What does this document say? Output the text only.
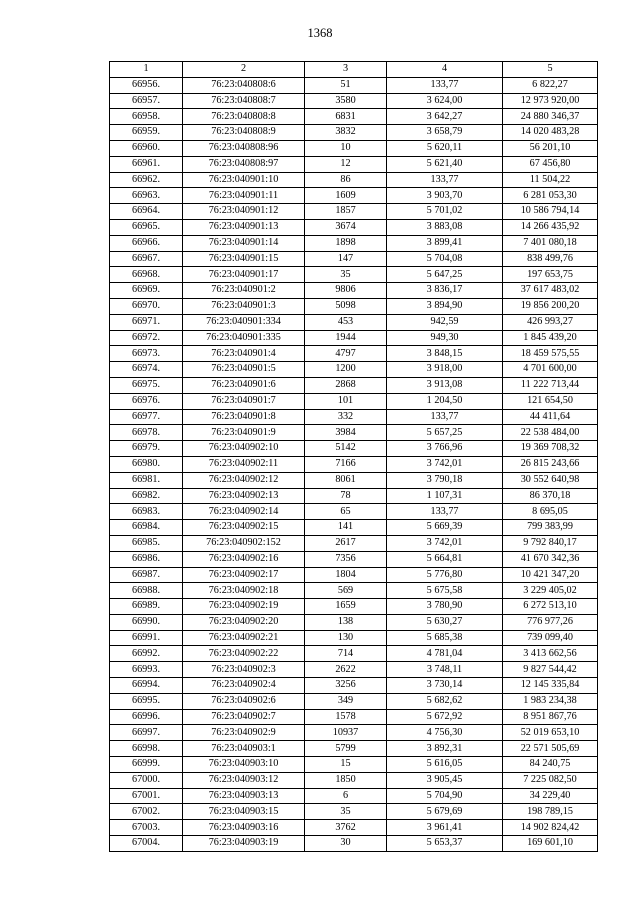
1368
1	2	3	4	5
66956.	76:23:040808:6	51	133,77	6 822,27
66957.	76:23:040808:7	3580	3 624,00	12 973 920,00
66958.	76:23:040808:8	6831	3 642,27	24 880 346,37
66959.	76:23:040808:9	3832	3 658,79	14 020 483,28
66960.	76:23:040808:96	10	5 620,11	56 201,10
66961.	76:23:040808:97	12	5 621,40	67 456,80
66962.	76:23:040901:10	86	133,77	11 504,22
66963.	76:23:040901:11	1609	3 903,70	6 281 053,30
66964.	76:23:040901:12	1857	5 701,02	10 586 794,14
66965.	76:23:040901:13	3674	3 883,08	14 266 435,92
66966.	76:23:040901:14	1898	3 899,41	7 401 080,18
66967.	76:23:040901:15	147	5 704,08	838 499,76
66968.	76:23:040901:17	35	5 647,25	197 653,75
66969.	76:23:040901:2	9806	3 836,17	37 617 483,02
66970.	76:23:040901:3	5098	3 894,90	19 856 200,20
66971.	76:23:040901:334	453	942,59	426 993,27
66972.	76:23:040901:335	1944	949,30	1 845 439,20
66973.	76:23:040901:4	4797	3 848,15	18 459 575,55
66974.	76:23:040901:5	1200	3 918,00	4 701 600,00
66975.	76:23:040901:6	2868	3 913,08	11 222 713,44
66976.	76:23:040901:7	101	1 204,50	121 654,50
66977.	76:23:040901:8	332	133,77	44 411,64
66978.	76:23:040901:9	3984	5 657,25	22 538 484,00
66979.	76:23:040902:10	5142	3 766,96	19 369 708,32
66980.	76:23:040902:11	7166	3 742,01	26 815 243,66
66981.	76:23:040902:12	8061	3 790,18	30 552 640,98
66982.	76:23:040902:13	78	1 107,31	86 370,18
66983.	76:23:040902:14	65	133,77	8 695,05
66984.	76:23:040902:15	141	5 669,39	799 383,99
66985.	76:23:040902:152	2617	3 742,01	9 792 840,17
66986.	76:23:040902:16	7356	5 664,81	41 670 342,36
66987.	76:23:040902:17	1804	5 776,80	10 421 347,20
66988.	76:23:040902:18	569	5 675,58	3 229 405,02
66989.	76:23:040902:19	1659	3 780,90	6 272 513,10
66990.	76:23:040902:20	138	5 630,27	776 977,26
66991.	76:23:040902:21	130	5 685,38	739 099,40
66992.	76:23:040902:22	714	4 781,04	3 413 662,56
66993.	76:23:040902:3	2622	3 748,11	9 827 544,42
66994.	76:23:040902:4	3256	3 730,14	12 145 335,84
66995.	76:23:040902:6	349	5 682,62	1 983 234,38
66996.	76:23:040902:7	1578	5 672,92	8 951 867,76
66997.	76:23:040902:9	10937	4 756,30	52 019 653,10
66998.	76:23:040903:1	5799	3 892,31	22 571 505,69
66999.	76:23:040903:10	15	5 616,05	84 240,75
67000.	76:23:040903:12	1850	3 905,45	7 225 082,50
67001.	76:23:040903:13	6	5 704,90	34 229,40
67002.	76:23:040903:15	35	5 679,69	198 789,15
67003.	76:23:040903:16	3762	3 961,41	14 902 824,42
67004.	76:23:040903:19	30	5 653,37	169 601,10
